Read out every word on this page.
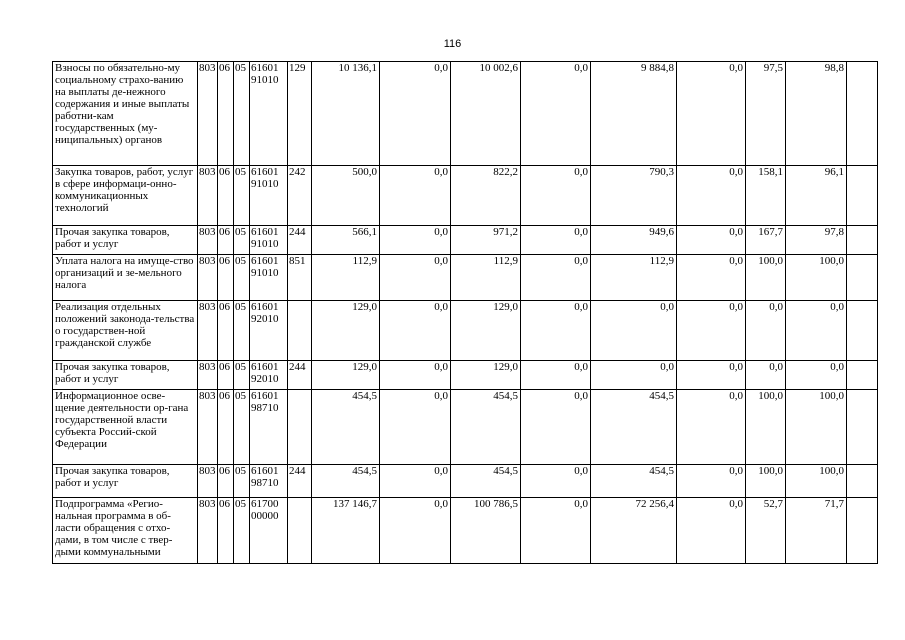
116
Взносы по обязательно-му социальному страхо-ванию на выплаты де-нежного содержания и иные выплаты работни-кам государственных (му-ниципальных) органов	803	06	05	61601 91010	129	10 136,1	0,0	10 002,6	0,0	9 884,8	0,0	97,5	98,8	
Закупка товаров, работ, услуг в сфере информаци-онно-коммуникационных технологий	803	06	05	61601 91010	242	500,0	0,0	822,2	0,0	790,3	0,0	158,1	96,1	
Прочая закупка товаров, работ и услуг	803	06	05	61601 91010	244	566,1	0,0	971,2	0,0	949,6	0,0	167,7	97,8	
Уплата налога на имуще-ство организаций и зе-мельного налога	803	06	05	61601 91010	851	112,9	0,0	112,9	0,0	112,9	0,0	100,0	100,0	
Реализация отдельных положений законода-тельства о государствен-ной гражданской службе	803	06	05	61601 92010		129,0	0,0	129,0	0,0	0,0	0,0	0,0	0,0	
Прочая закупка товаров, работ и услуг	803	06	05	61601 92010	244	129,0	0,0	129,0	0,0	0,0	0,0	0,0	0,0	
Информационное осве-щение деятельности ор-гана государственной власти субъекта Россий-ской Федерации	803	06	05	61601 98710		454,5	0,0	454,5	0,0	454,5	0,0	100,0	100,0	
Прочая закупка товаров, работ и услуг	803	06	05	61601 98710	244	454,5	0,0	454,5	0,0	454,5	0,0	100,0	100,0	
Подпрограмма «Регио-нальная программа в об-ласти обращения с отхо-дами, в том числе с твер-дыми коммунальными	803	06	05	61700 00000		137 146,7	0,0	100 786,5	0,0	72 256,4	0,0	52,7	71,7	
